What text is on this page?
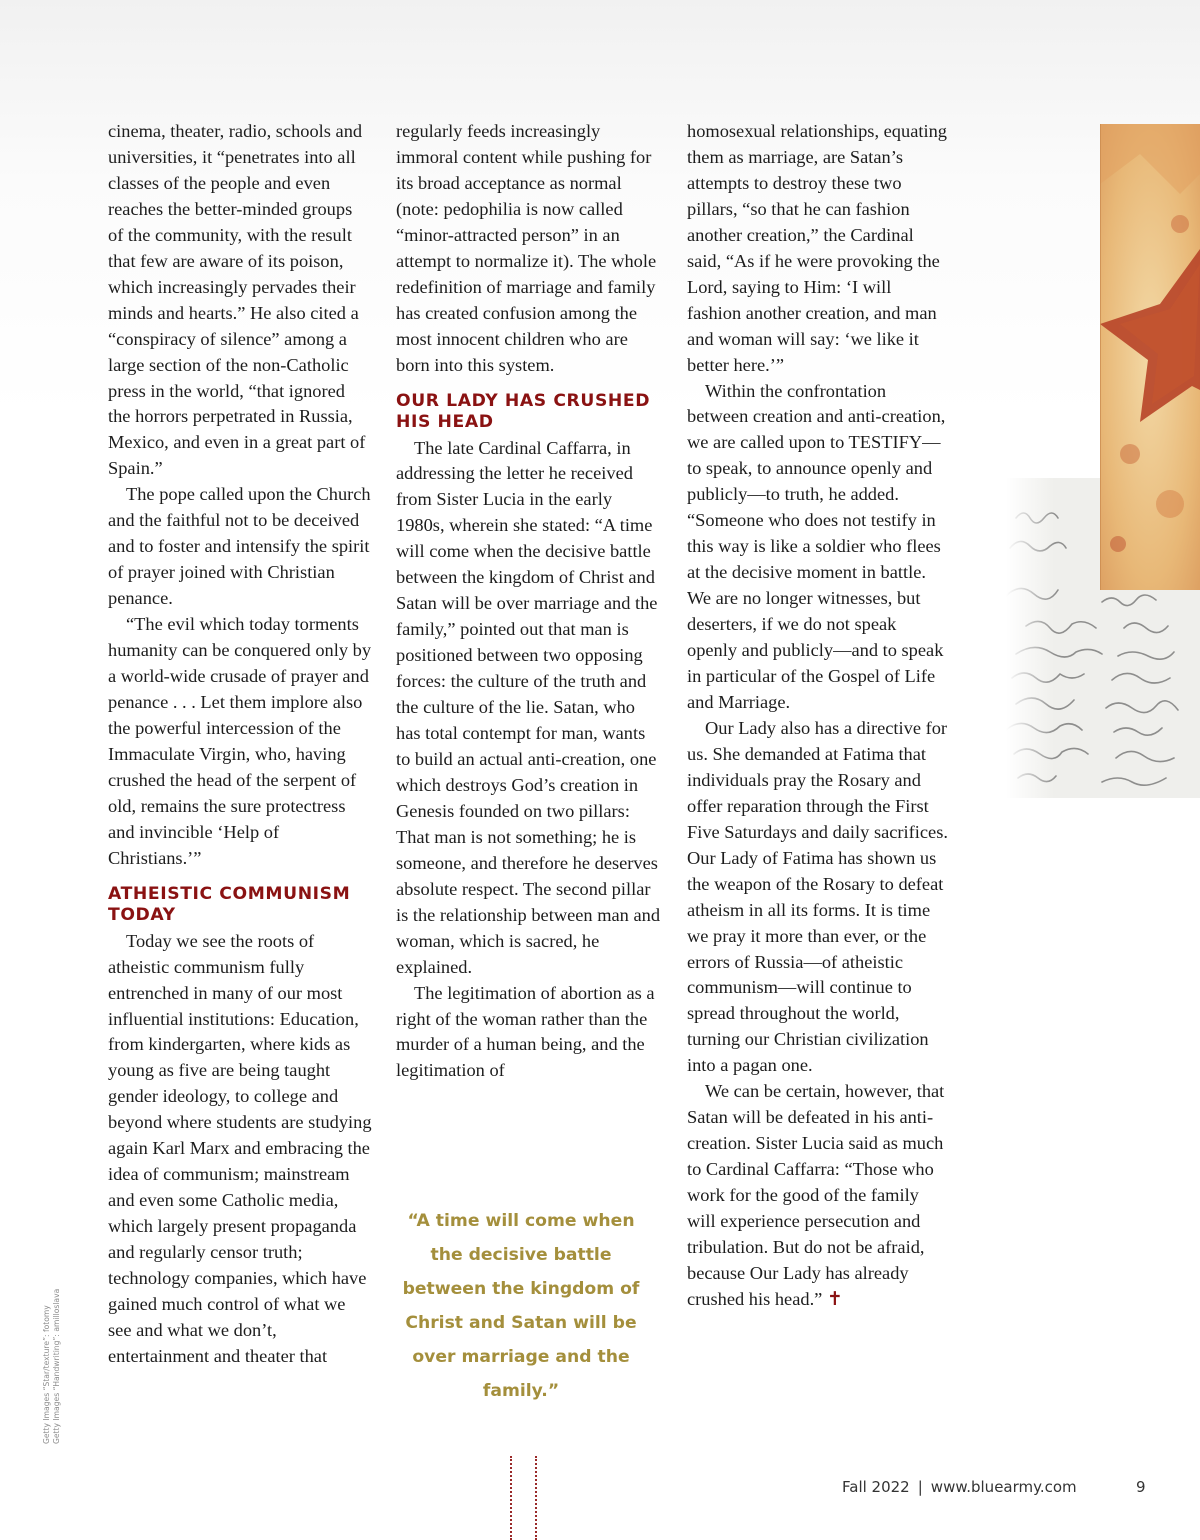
cinema, theater, radio, schools and universities, it “penetrates into all classes of the people and even reaches the better-minded groups of the community, with the result that few are aware of its poison, which increasingly pervades their minds and hearts.” He also cited a “conspiracy of silence” among a large section of the non-Catholic press in the world, “that ignored the horrors perpetrated in Russia, Mexico, and even in a great part of Spain.”

The pope called upon the Church and the faithful not to be deceived and to foster and intensify the spirit of prayer joined with Christian penance.

“The evil which today torments humanity can be conquered only by a world-wide crusade of prayer and penance . . . Let them implore also the powerful intercession of the Immaculate Virgin, who, having crushed the head of the serpent of old, remains the sure protectress and invincible ‘Help of Christians.’”

ATHEISTIC COMMUNISM TODAY

Today we see the roots of atheistic communism fully entrenched in many of our most influential institutions: Education, from kindergarten, where kids as young as five are being taught gender ideology, to college and beyond where students are studying again Karl Marx and embracing the idea of communism; mainstream and even some Catholic media, which largely present propaganda and regularly censor truth; technology companies, which have gained much control of what we see and what we don’t, entertainment and theater that

regularly feeds increasingly immoral content while pushing for its broad acceptance as normal (note: pedophilia is now called “minor-attracted person” in an attempt to normalize it). The whole redefinition of marriage and family has created confusion among the most innocent children who are born into this system.

OUR LADY HAS CRUSHED HIS HEAD

The late Cardinal Caffarra, in addressing the letter he received from Sister Lucia in the early 1980s, wherein she stated: “A time will come when the decisive battle between the kingdom of Christ and Satan will be over marriage and the family,” pointed out that man is positioned between two opposing forces: the culture of the truth and the culture of the lie. Satan, who has total contempt for man, wants to build an actual anti-creation, one which destroys God’s creation in Genesis founded on two pillars: That man is not something; he is someone, and therefore he deserves absolute respect. The second pillar is the relationship between man and woman, which is sacred, he explained.

The legitimation of abortion as a right of the woman rather than the murder of a human being, and the legitimation of

homosexual relationships, equating them as marriage, are Satan’s attempts to destroy these two pillars, “so that he can fashion another creation,” the Cardinal said, “As if he were provoking the Lord, saying to Him: ‘I will fashion another creation, and man and woman will say: ‘we like it better here.’”

Within the confrontation between creation and anti-creation, we are called upon to TESTIFY—to speak, to announce openly and publicly—to truth, he added. “Someone who does not testify in this way is like a soldier who flees at the decisive moment in battle. We are no longer witnesses, but deserters, if we do not speak openly and publicly—and to speak in particular of the Gospel of Life and Marriage.

Our Lady also has a directive for us. She demanded at Fatima that individuals pray the Rosary and offer reparation through the First Five Saturdays and daily sacrifices. Our Lady of Fatima has shown us the weapon of the Rosary to defeat atheism in all its forms. It is time we pray it more than ever, or the errors of Russia—of atheistic communism—will continue to spread throughout the world, turning our Christian civilization into a pagan one.

We can be certain, however, that Satan will be defeated in his anti-creation. Sister Lucia said as much to Cardinal Caffarra: “Those who work for the good of the family will experience persecution and tribulation. But do not be afraid, because Our Lady has already crushed his head.” ✝

“A time will come when the decisive battle between the kingdom of Christ and Satan will be over marriage and the family.”

Getty Images “Star/texture”: fotomy Getty Images “Handwriting”: amilloslava
Fall 2022 | www.bluearmy.com	9
